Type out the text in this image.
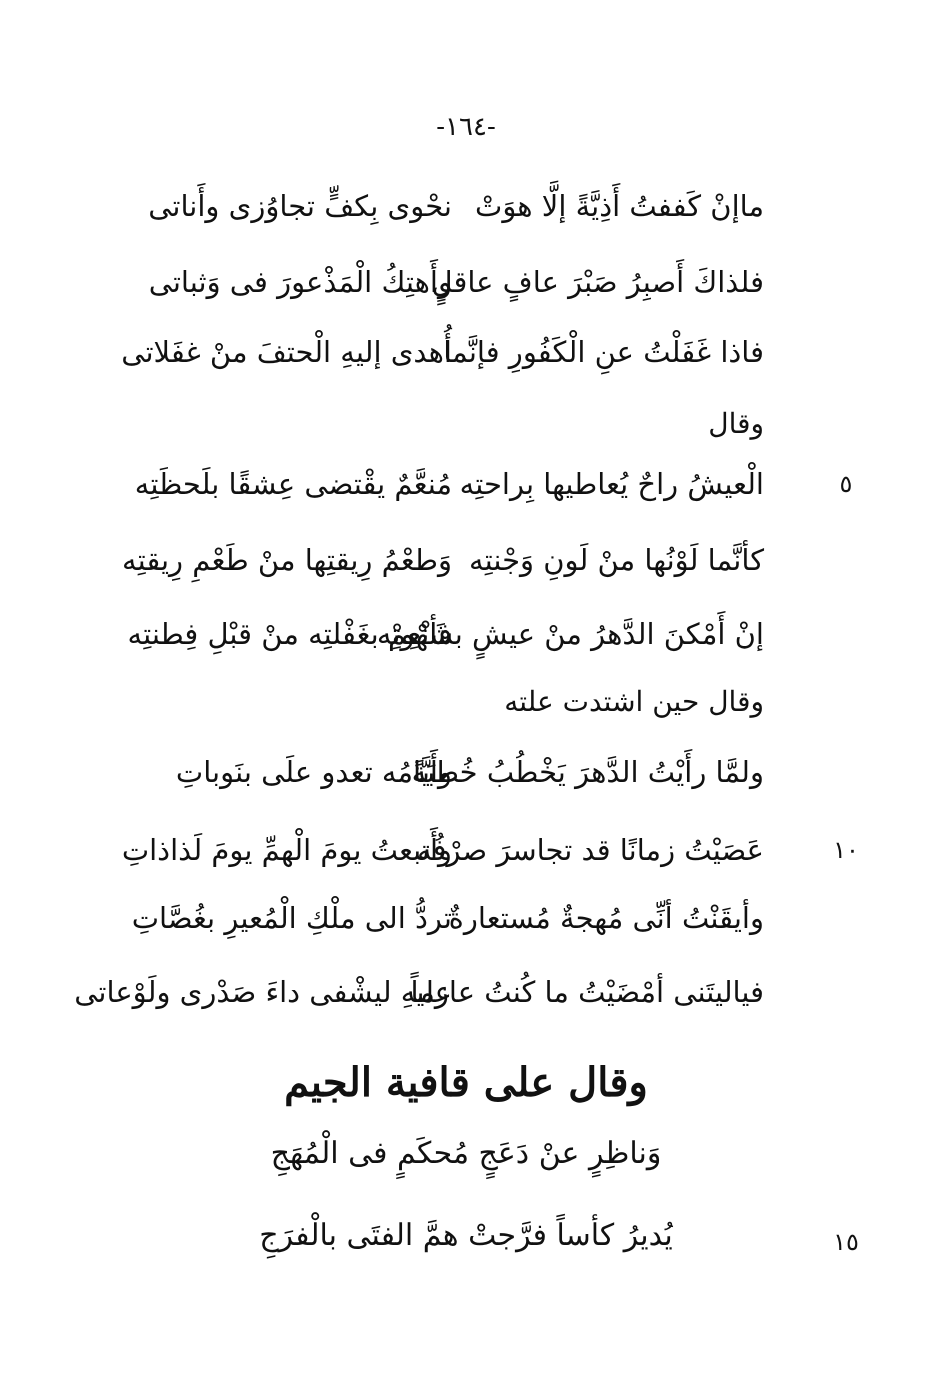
-١٦٤-
ماإنْ كَففتُ أَذِيَّةً إلَّا هوَتْ
نحْوى بِكفٍّ تجاوُزى وأَناتى
فلذاكَ أَصبِرُ صَبْرَ عافٍ عاقلٍ
وأَهتِكُ الْمَذْعورَ فى وَثباتى
فاذا غَفَلْتُ عنِ الْكَفُورِ فإنَّما
أُهدى إليهِ الْحتفَ منْ غفَلاتى
وقال
٥
الْعيشُ راحٌ يُعاطيها بِراحتِه
مُنعَّمٌ يقْتضى عِشقًا بلَحظَتِه
كأنَّما لَوْنُها منْ لَونِ وَجْنتِه
وَطعْمُ رِيقتِها منْ طَعْمِ رِيقتِه
إنْ أَمْكنَ الدَّهرُ منْ عيشٍ بشَهْوتِه
فأنْعِمْ بغَفْلتِه منْ قبْلِ فِطنتِه
وقال حين اشتدت علته
ولمَّا رأَيْتُ الدَّهرَ يَخْطُبُ خُطبَةً
وأَيَّامُه تعدو علَى بنَوباتِ
١٠
عَصَيْتُ زمانًا قد تجاسرَ صرْفُه
وأَتبعتُ يومَ الْهمِّ يومَ لَذاذاتِ
وأيقَنْتُ أنِّى مُهجةٌ مُستعارةٌ
تردُّ الى ملْكِ الْمُعيرِ بغُصَّاتِ
فياليتَنى أمْضَيْتُ ما كُنتُ عازماً
عليهِ ليشْفى داءَ صَدْرى ولَوْعاتى
وقال على قافية الجيم
وَناظِرٍ عنْ دَعَجٍ مُحكَمٍ فى الْمُهَجِ
١٥
يُديرُ كأساً فرَّجتْ همَّ الفتَى بالْفرَجِ
